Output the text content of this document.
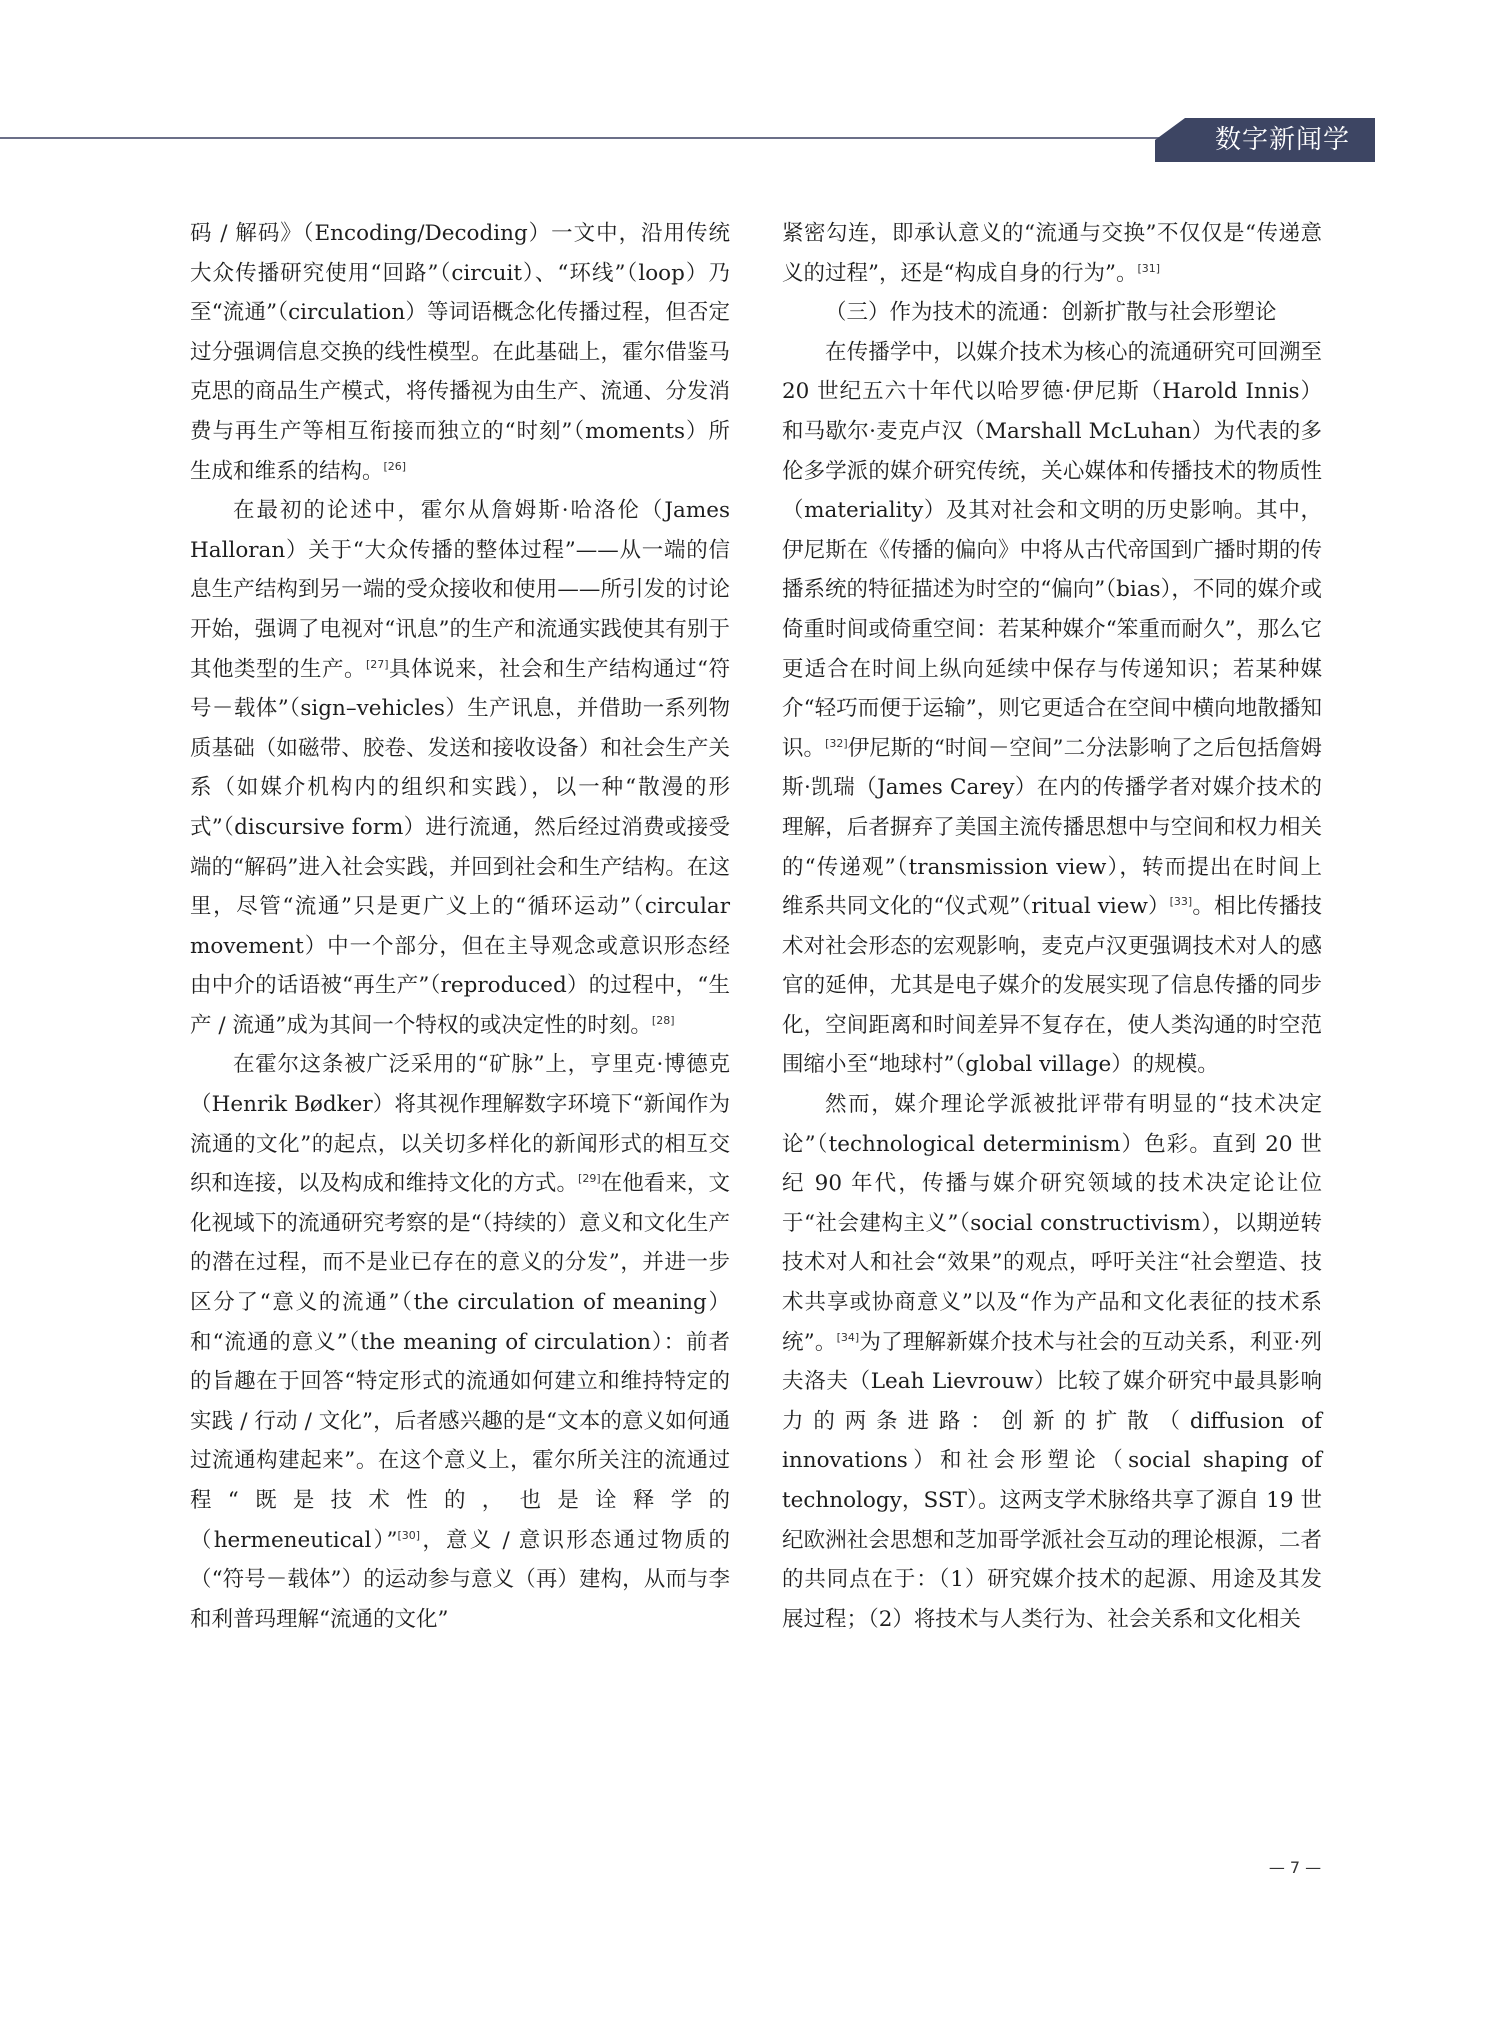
数字新闻学

码 / 解码》（Encoding/Decoding）一文中，沿用传统大众传播研究使用“回路”（circuit）、“环线”（loop）乃至“流通”（circulation）等词语概念化传播过程，但否定过分强调信息交换的线性模型。在此基础上，霍尔借鉴马克思的商品生产模式，将传播视为由生产、流通、分发消费与再生产等相互衔接而独立的“时刻”（moments）所生成和维系的结构。[26]

在最初的论述中，霍尔从詹姆斯·哈洛伦（James Halloran）关于“大众传播的整体过程”——从一端的信息生产结构到另一端的受众接收和使用——所引发的讨论开始，强调了电视对“讯息”的生产和流通实践使其有别于其他类型的生产。[27]具体说来，社会和生产结构通过“符号－载体”（sign–vehicles）生产讯息，并借助一系列物质基础（如磁带、胶卷、发送和接收设备）和社会生产关系（如媒介机构内的组织和实践），以一种“散漫的形式”（discursive form）进行流通，然后经过消费或接受端的“解码”进入社会实践，并回到社会和生产结构。在这里，尽管“流通”只是更广义上的“循环运动”（circular movement）中一个部分，但在主导观念或意识形态经由中介的话语被“再生产”（reproduced）的过程中，“生产 / 流通”成为其间一个特权的或决定性的时刻。[28]

在霍尔这条被广泛采用的“矿脉”上，亨里克·博德克（Henrik Bødker）将其视作理解数字环境下“新闻作为流通的文化”的起点，以关切多样化的新闻形式的相互交织和连接，以及构成和维持文化的方式。[29]在他看来，文化视域下的流通研究考察的是“（持续的）意义和文化生产的潜在过程，而不是业已存在的意义的分发”，并进一步区分了“意义的流通”（the circulation of meaning）和“流通的意义”（the meaning of circulation）：前者的旨趣在于回答“特定形式的流通如何建立和维持特定的实践 / 行动 / 文化”，后者感兴趣的是“文本的意义如何通过流通构建起来”。在这个意义上，霍尔所关注的流通过程“既是技术性的，也是诠释学的（hermeneutical）”[30]，意义 / 意识形态通过物质的（“符号－载体”）的运动参与意义（再）建构，从而与李和利普玛理解“流通的文化”

紧密勾连，即承认意义的“流通与交换”不仅仅是“传递意义的过程”，还是“构成自身的行为”。[31]

（三）作为技术的流通：创新扩散与社会形塑论

在传播学中，以媒介技术为核心的流通研究可回溯至 20 世纪五六十年代以哈罗德·伊尼斯（Harold Innis）和马歇尔·麦克卢汉（Marshall McLuhan）为代表的多伦多学派的媒介研究传统，关心媒体和传播技术的物质性（materiality）及其对社会和文明的历史影响。其中，伊尼斯在《传播的偏向》中将从古代帝国到广播时期的传播系统的特征描述为时空的“偏向”（bias），不同的媒介或倚重时间或倚重空间：若某种媒介“笨重而耐久”，那么它更适合在时间上纵向延续中保存与传递知识；若某种媒介“轻巧而便于运输”，则它更适合在空间中横向地散播知识。[32]伊尼斯的“时间－空间”二分法影响了之后包括詹姆斯·凯瑞（James Carey）在内的传播学者对媒介技术的理解，后者摒弃了美国主流传播思想中与空间和权力相关的“传递观”（transmission view），转而提出在时间上维系共同文化的“仪式观”（ritual view）[33]。相比传播技术对社会形态的宏观影响，麦克卢汉更强调技术对人的感官的延伸，尤其是电子媒介的发展实现了信息传播的同步化，空间距离和时间差异不复存在，使人类沟通的时空范围缩小至“地球村”（global village）的规模。

然而，媒介理论学派被批评带有明显的“技术决定论”（technological determinism）色彩。直到 20 世纪 90 年代，传播与媒介研究领域的技术决定论让位于“社会建构主义”（social constructivism），以期逆转技术对人和社会“效果”的观点，呼吁关注“社会塑造、技术共享或协商意义”以及“作为产品和文化表征的技术系统”。[34]为了理解新媒介技术与社会的互动关系，利亚·列夫洛夫（Leah Lievrouw）比较了媒介研究中最具影响力的两条进路：创新的扩散（diffusion of innovations）和社会形塑论（social shaping of technology，SST）。这两支学术脉络共享了源自 19 世纪欧洲社会思想和芝加哥学派社会互动的理论根源，二者的共同点在于：（1）研究媒介技术的起源、用途及其发展过程；（2）将技术与人类行为、社会关系和文化相关

— 7 —
